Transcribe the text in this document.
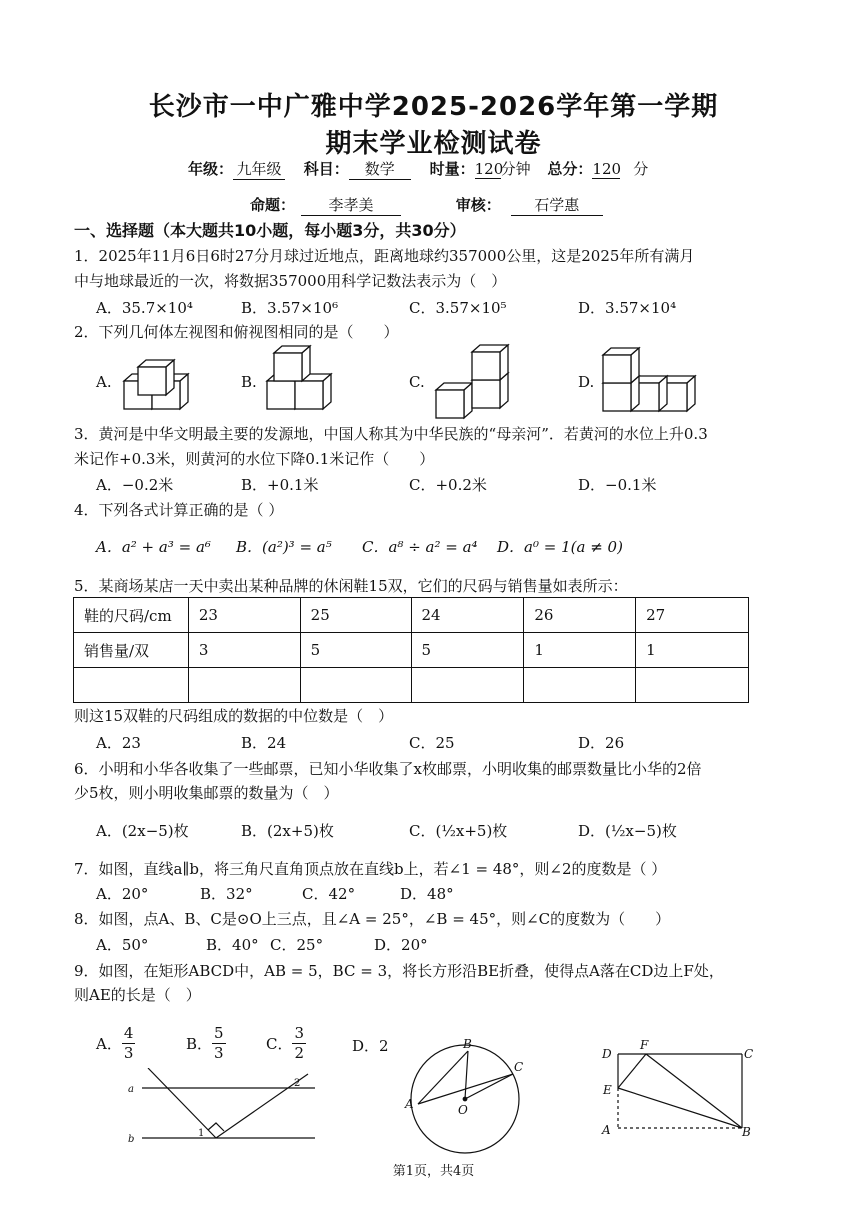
长沙市一中广雅中学2025-2026学年第一学期
期末学业检测试卷
年级： 九年级 科目： 数学 时量：120分钟 总分：120 分
命题： 李孝美	审核： 石学惠
一、选择题（本大题共10小题，每小题3分，共30分）
1．2025年11月6日6时27分月球过近地点，距离地球约357000公里，这是2025年所有满月
中与地球最近的一次，将数据357000用科学记数法表示为（　）
A．35.7×10⁴	B．3.57×10⁶	C．3.57×10⁵	D．3.57×10⁴
2．下列几何体左视图和俯视图相同的是（　　）
A.	B.	C.	D.
3．黄河是中华文明最主要的发源地，中国人称其为中华民族的“母亲河”．若黄河的水位上升0.3
米记作+0.3米，则黄河的水位下降0.1米记作（　　）
A．−0.2米	B．+0.1米	C．+0.2米	D．−0.1米
4．下列各式计算正确的是（ ）
A．a² + a³ = a⁶ B．(a²)³ = a⁵ C．a⁸ ÷ a² = a⁴ D．a⁰ = 1(a ≠ 0)
5．某商场某店一天中卖出某种品牌的休闲鞋15双，它们的尺码与销售量如表所示：
鞋的尺码/cm	23	25	24	26	27
销售量/双	3	5	5	1	1

则这15双鞋的尺码组成的数据的中位数是（　）
A．23	B．24	C．25	D．26
6．小明和小华各收集了一些邮票，已知小华收集了x枚邮票，小明收集的邮票数量比小华的2倍
少5枚，则小明收集邮票的数量为（　）
A．(2x−5)枚	B．(2x+5)枚	C．(½x+5)枚	D．(½x−5)枚
7．如图，直线a∥b，将三角尺直角顶点放在直线b上，若∠1 = 48°，则∠2的度数是（ ）
A．20°	B．32°	C．42°	D．48°
8．如图，点A、B、C是⊙O上三点，且∠A = 25°，∠B = 45°，则∠C的度数为（　　）
A．50°	B．40° C．25°	D．20°
9．如图，在矩形ABCD中，AB = 5，BC = 3，将长方形沿BE折叠，使得点A落在CD边上F处，
则AE的长是（　）
A．$\frac{4}{3}$	B．$\frac{5}{3}$	C．$\frac{3}{2}$	D．2
a
b
1
2
A
B
C
O
D
F
C
E
A	B
第1页，共4页
